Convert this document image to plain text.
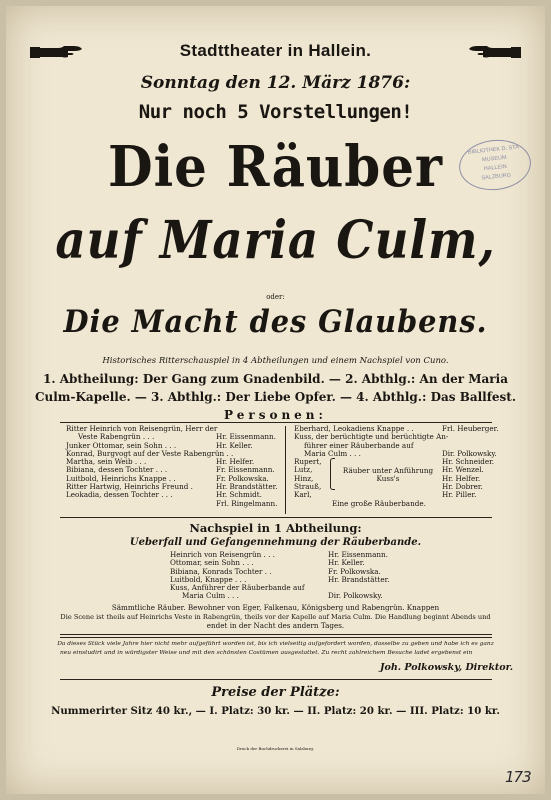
Stadttheater in Hallein.
Sonntag den 12. März 1876:
Nur noch 5 Vorstellungen!
BIBLIOTHEK D. STA
MUSEUM
HALLEIN
SALZBURG
Die Räuber
auf Maria Culm,
oder:
Die Macht des Glaubens.
Historisches Ritterschauspiel in 4 Abtheilungen und einem Nachspiel von Cuno.
1. Abtheilung: Der Gang zum Gnadenbild. — 2. Abthlg.: An der Maria
Culm-Kapelle. — 3. Abthlg.: Der Liebe Opfer. — 4. Abthlg.: Das Ballfest.
Personen:
Ritter Heinrich von Reisengrün, Herr der
Veste Rabengrün . . .	Hr. Eissenmann.
Junker Ottomar, sein Sohn . . .	Hr. Keller.
Konrad, Burgvogt auf der Veste Rabengrün . .
Martha, sein Weib . . .	Hr. Helfer.
Bibiana, dessen Tochter . . .	Fr. Eissenmann.
Luitbold, Heinrichs Knappe . .	Fr. Polkowska.
Ritter Hartwig, Heinrichs Freund .	Hr. Brandstätter.
Leokadia, dessen Tochter . . .	Hr. Schmidt.
Frl. Ringelmann.
Eberhard, Leokadiens Knappe . .	Frl. Heuberger.
Kuss, der berüchtigte und berüchtigte An-
führer einer Räuberbande auf
Maria Culm . . .	Dir. Polkowsky.
Rupert,	Hr. Schneider.
Lutz,	Hr. Wenzel.
Hinz,	Hr. Helfer.
Strauß,	Hr. Dobrer.
Karl,	Hr. Piller.
Eine große Räuberbande.
Räuber unter Anführung Kuss's
Nachspiel in 1 Abtheilung:
Ueberfall und Gefangennehmung der Räuberbande.
Heinrich von Reisengrün . . .	Hr. Eissenmann.
Ottomar, sein Sohn . . .	Hr. Keller.
Bibiana, Konrads Tochter . .	Fr. Polkowska.
Luitbold, Knappe . . .	Hr. Brandstätter.
Kuss, Anführer der Räuberbande auf
Maria Culm . . .	Dir. Polkowsky.
Sämmtliche Räuber. Bewohner von Eger, Falkenau, Königsberg und Rabengrün. Knappen
Die Scene ist theils auf Heinrichs Veste in Rabengrün, theils vor der Kapelle auf Maria Culm. Die Handlung beginnt Abends und
endet in der Nacht des andern Tages.
Da dieses Stück viele Jahre hier nicht mehr aufgeführt worden ist, bis ich vielseitig aufgefordert worden, dasselbe zu geben und habe ich es ganz
neu einstudirt und in würdigster Weise und mit den schönsten Costümen ausgestattet. Zu recht zahlreichem Besuche ladet ergebenst ein
Joh. Polkowsky, Direktor.
Preise der Plätze:
Nummerirter Sitz 40 kr., — I. Platz: 30 kr. — II. Platz: 20 kr. — III. Platz: 10 kr.
Druck der Buchdruckerei in Salzburg.
173
